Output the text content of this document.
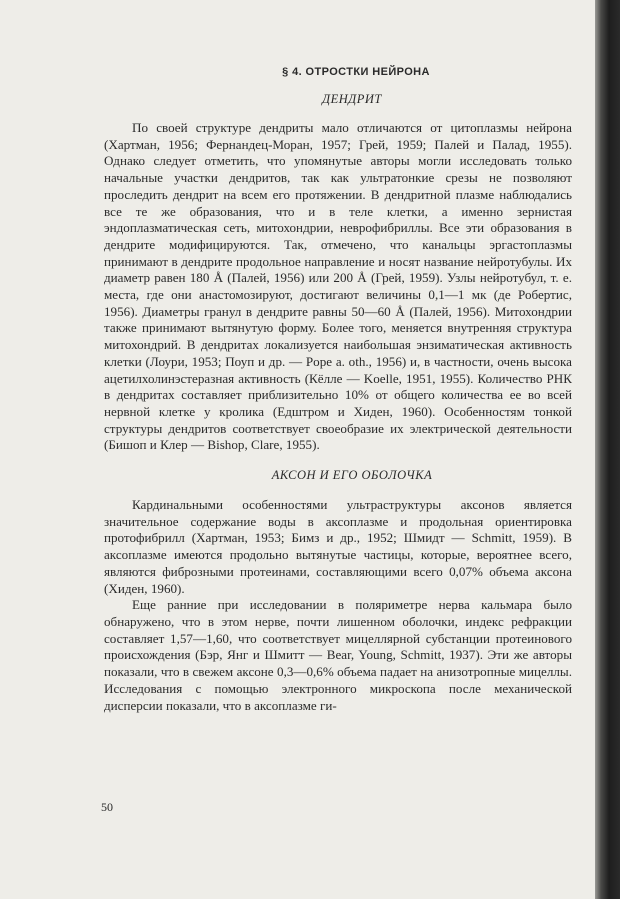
§ 4. ОТРОСТКИ НЕЙРОНА
ДЕНДРИТ

По своей структуре дендриты мало отличаются от цитоплазмы нейрона (Хартман, 1956; Фернандец-Моран, 1957; Грей, 1959; Палей и Палад, 1955). Однако следует отметить, что упомянутые авторы могли исследовать только начальные участки дендритов, так как ультратонкие срезы не позволяют проследить дендрит на всем его протяжении. В дендритной плазме наблюдались все те же образования, что и в теле клетки, а именно зернистая эндоплазматическая сеть, митохондрии, неврофибриллы. Все эти образования в дендрите модифицируются. Так, отмечено, что канальцы эргастоплазмы принимают в дендрите продольное направление и носят название нейротубулы. Их диаметр равен 180 Å (Палей, 1956) или 200 Å (Грей, 1959). Узлы нейротубул, т. е. места, где они анастомозируют, достигают величины 0,1—1 мк (де Робертис, 1956). Диаметры гранул в дендрите равны 50—60 Å (Палей, 1956). Митохондрии также принимают вытянутую форму. Более того, меняется внутренняя структура митохондрий. В дендритах локализуется наибольшая энзиматическая активность клетки (Лоури, 1953; Поуп и др. — Pope a. oth., 1956) и, в частности, очень высока ацетилхолинэстеразная активность (Кёлле — Koelle, 1951, 1955). Количество РНК в дендритах составляет приблизительно 10% от общего количества ее во всей нервной клетке у кролика (Едштром и Хиден, 1960). Особенностям тонкой структуры дендритов соответствует своеобразие их электрической деятельности (Бишоп и Клер — Bishop, Clare, 1955).

АКСОН И ЕГО ОБОЛОЧКА

Кардинальными особенностями ультраструктуры аксонов является значительное содержание воды в аксоплазме и продольная ориентировка протофибрилл (Хартман, 1953; Бимз и др., 1952; Шмидт — Schmitt, 1959). В аксоплазме имеются продольно вытянутые частицы, которые, вероятнее всего, являются фиброзными протеинами, составляющими всего 0,07% объема аксона (Хиден, 1960).

Еще ранние при исследовании в поляриметре нерва кальмара было обнаружено, что в этом нерве, почти лишенном оболочки, индекс рефракции составляет 1,57—1,60, что соответствует мицеллярной субстанции протеинового происхождения (Бэр, Янг и Шмитт — Bear, Young, Schmitt, 1937). Эти же авторы показали, что в свежем аксоне 0,3—0,6% объема падает на анизотропные мицеллы. Исследования с помощью электронного микроскопа после механической дисперсии показали, что в аксоплазме ги-

50
